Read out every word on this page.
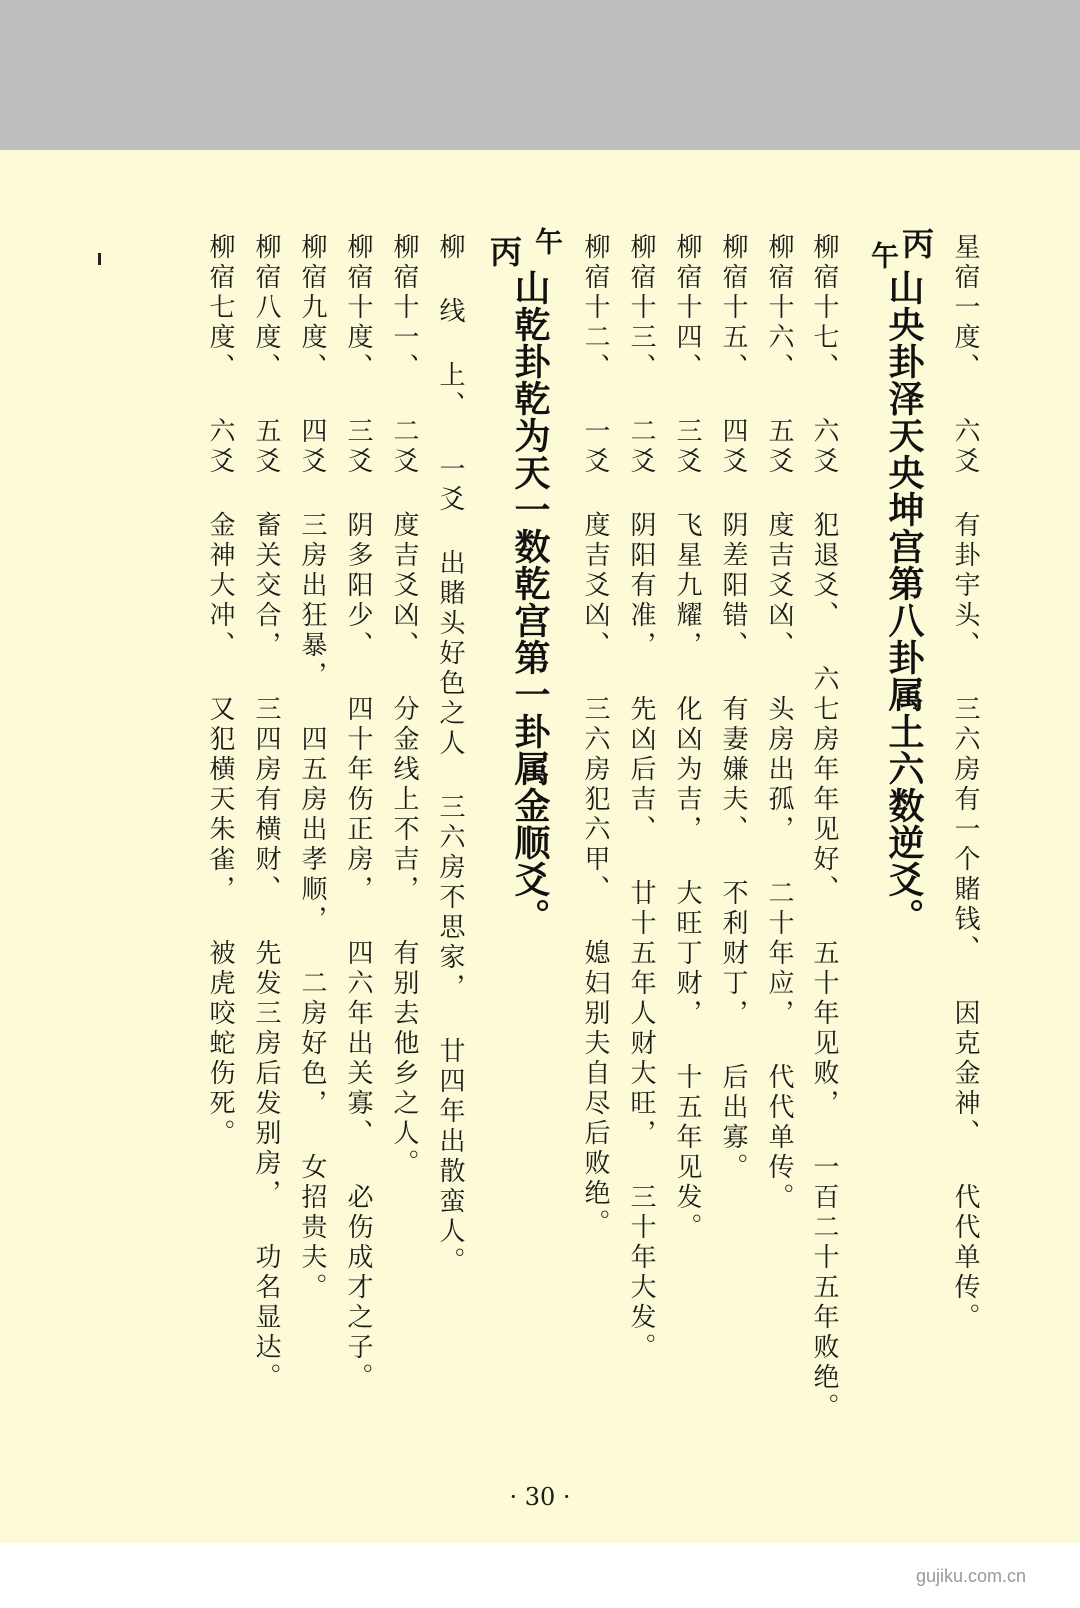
星宿一度、 六爻 有卦宇头、 三六房有一个賭钱、 因克金神、 代代单传。
丙
午
山央卦泽天央坤宫第八卦属土六数逆爻。
柳宿十七、 六爻 犯退爻、 六七房年年见好、 五十年见败， 一百二十五年败绝。
柳宿十六、 五爻 度吉爻凶、 头房出孤， 二十年应， 代代单传。
柳宿十五、 四爻 阴差阳错、 有妻嫌夫、 不利财丁， 后出寡。
柳宿十四、 三爻 飞星九耀， 化凶为吉， 大旺丁财， 十五年见发。
柳宿十三、 二爻 阴阳有准， 先凶后吉、 廿十五年人财大旺， 三十年大发。
柳宿十二、 一爻 度吉爻凶、 三六房犯六甲、 媳妇别夫自尽后败绝。
午
丙
山乾卦乾为天一数乾宫第一卦属金顺爻。
柳 线 上、 一爻 出賭头好色之人 三六房不思家， 廿四年出散蛮人。
柳宿十一、 二爻 度吉爻凶、 分金线上不吉， 有别去他乡之人。
柳宿十度、 三爻 阴多阳少、 四十年伤正房， 四六年出关寡、 必伤成才之子。
柳宿九度、 四爻 三房出狂暴， 四五房出孝顺， 二房好色， 女招贵夫。
柳宿八度、 五爻 畜关交合， 三四房有横财、 先发三房后发别房， 功名显达。
柳宿七度、 六爻 金神大冲、 又犯横天朱雀， 被虎咬蛇伤死。
· 30 ·
gujiku.com.cn
